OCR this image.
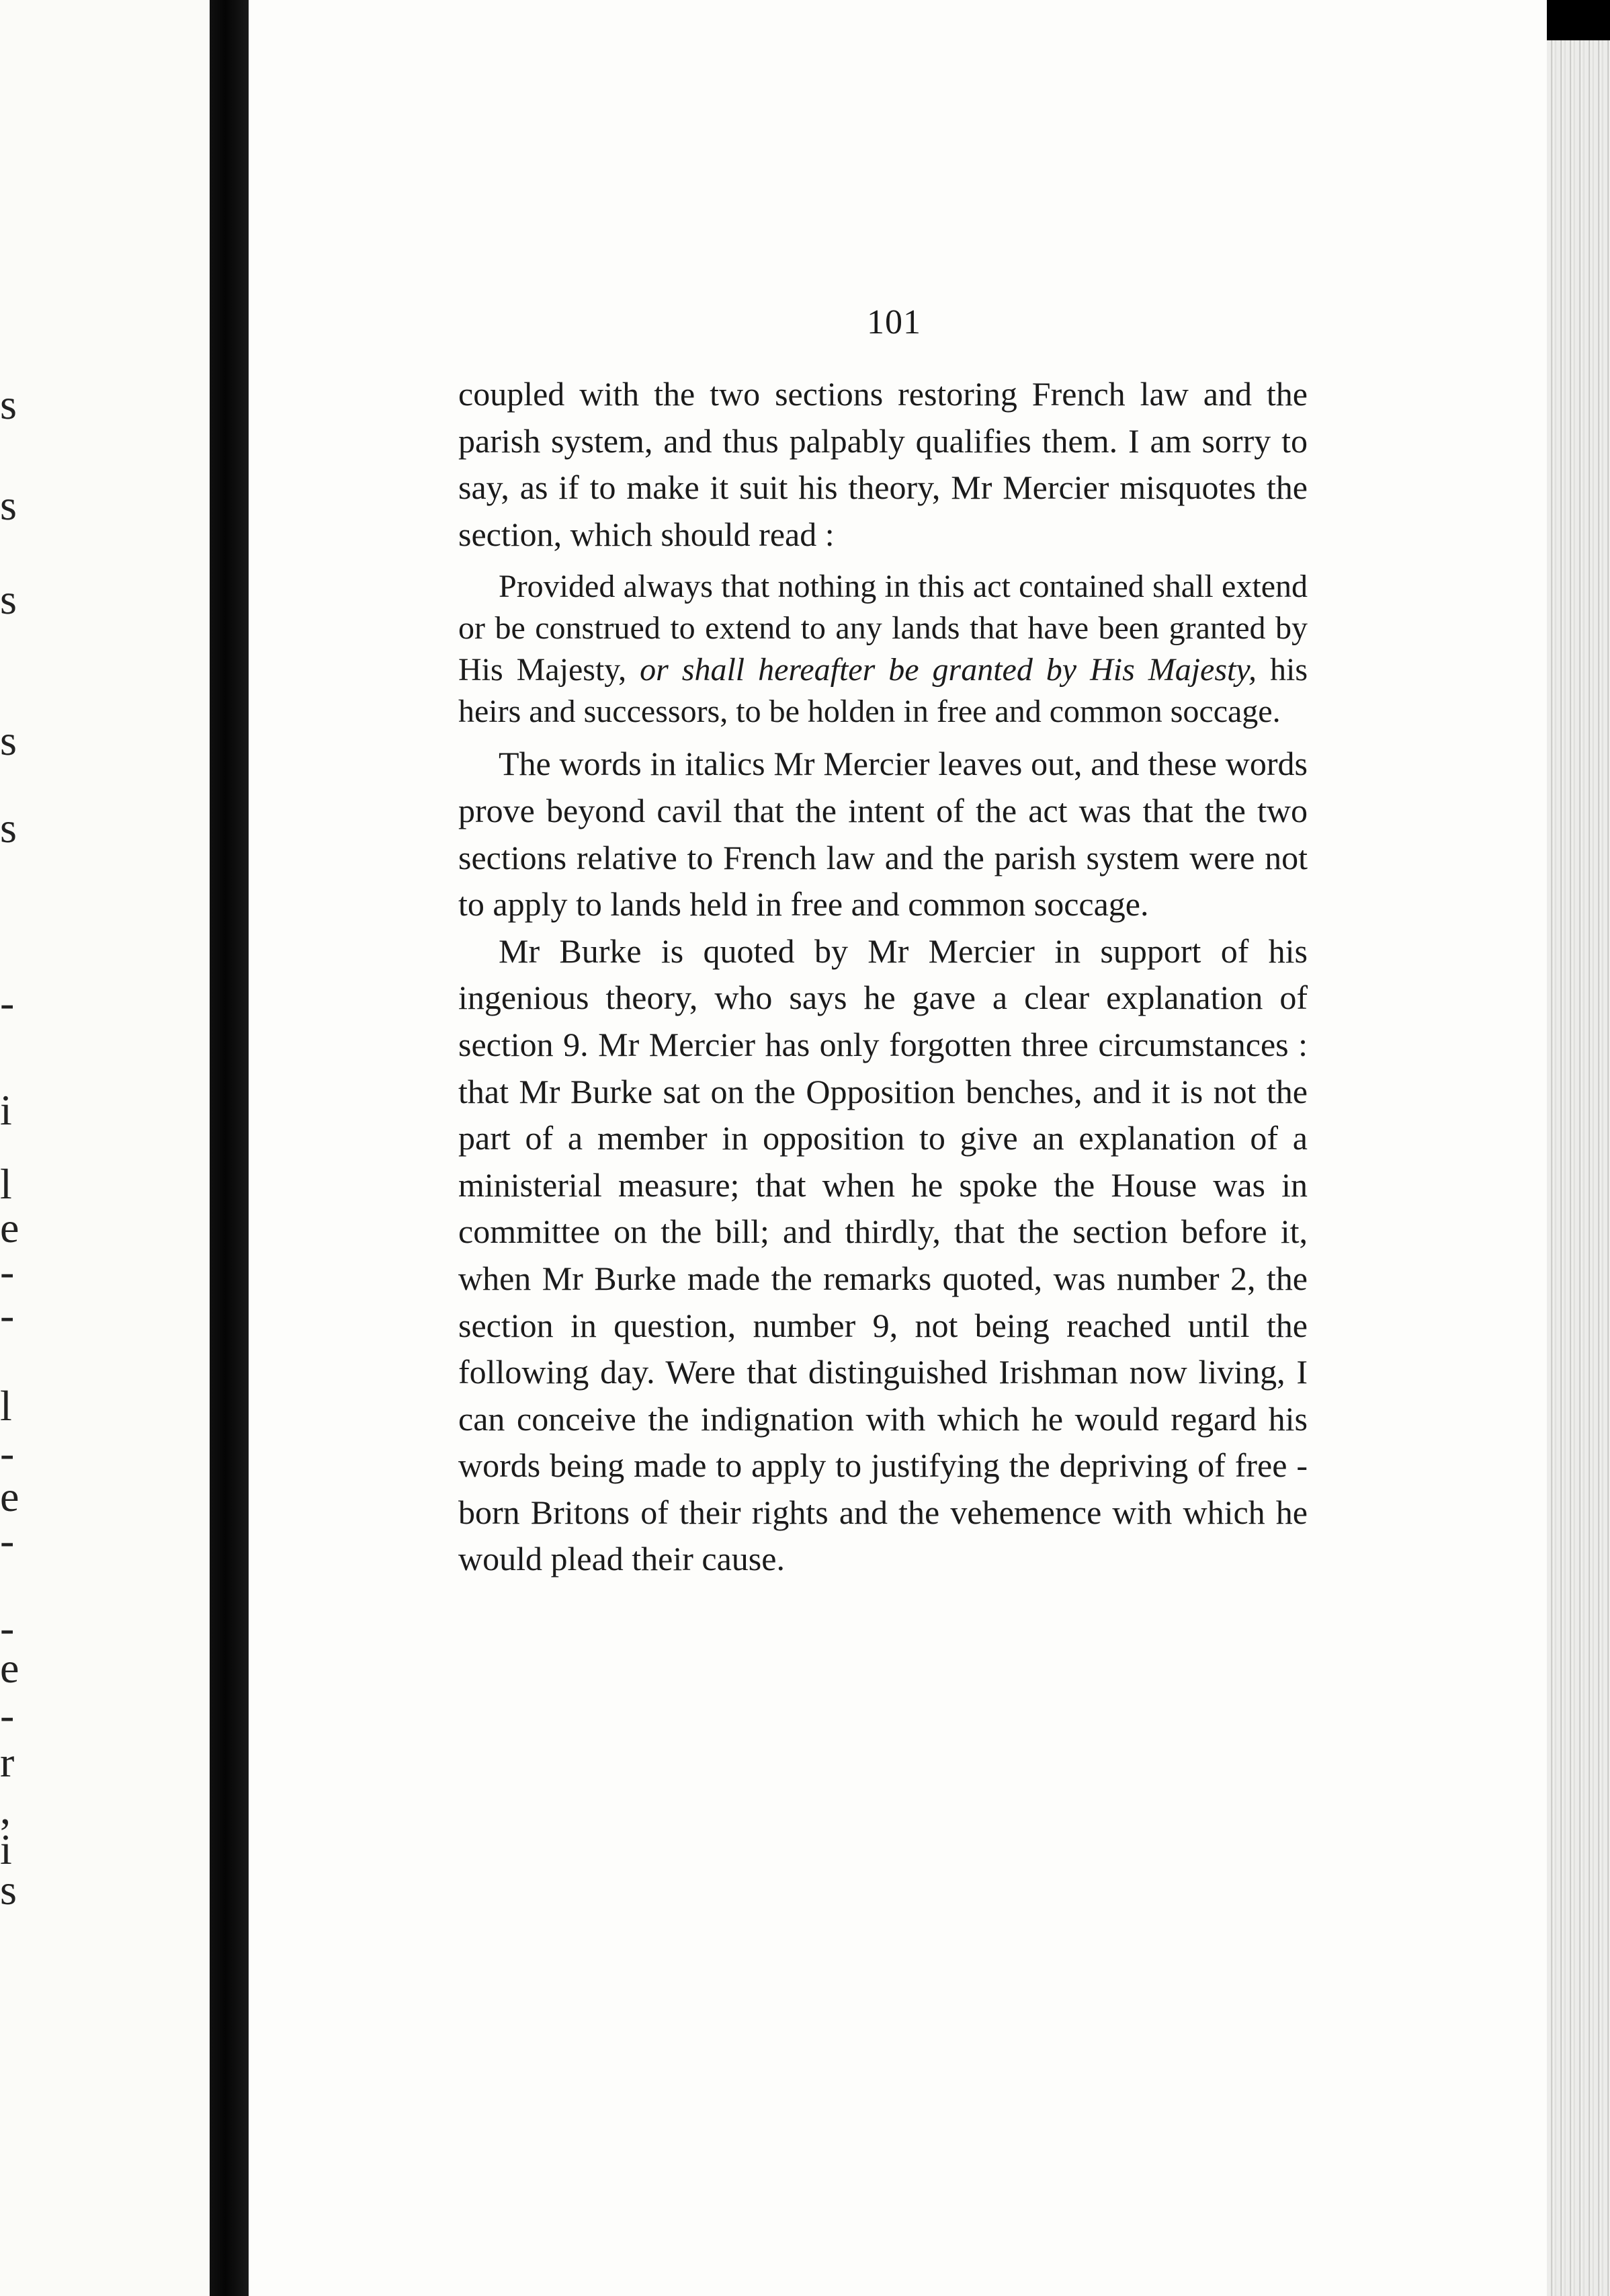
s
s
s
s
s
-
i
l
e
-
-
l
-
e
-
-
e
-
r
,
i
s
101

coupled with the two sections restoring French law and the parish system, and thus palpably qualifies them. I am sorry to say, as if to make it suit his theory, Mr Mercier misquotes the section, which should read :

Provided always that nothing in this act contained shall extend or be construed to extend to any lands that have been granted by His Majesty, or shall hereafter be granted by His Majesty, his heirs and successors, to be holden in free and common soccage.

The words in italics Mr Mercier leaves out, and these words prove beyond cavil that the intent of the act was that the two sections relative to French law and the parish system were not to apply to lands held in free and common soccage.

Mr Burke is quoted by Mr Mercier in support of his ingenious theory, who says he gave a clear explanation of section 9. Mr Mercier has only forgotten three circumstances : that Mr Burke sat on the Opposition benches, and it is not the part of a member in opposition to give an explanation of a ministerial measure; that when he spoke the House was in committee on the bill; and thirdly, that the section before it, when Mr Burke made the remarks quoted, was number 2, the section in question, number 9, not being reached until the following day. Were that distinguished Irishman now living, I can conceive the indignation with which he would regard his words being made to apply to justifying the depriving of free - born Britons of their rights and the vehemence with which he would plead their cause.
